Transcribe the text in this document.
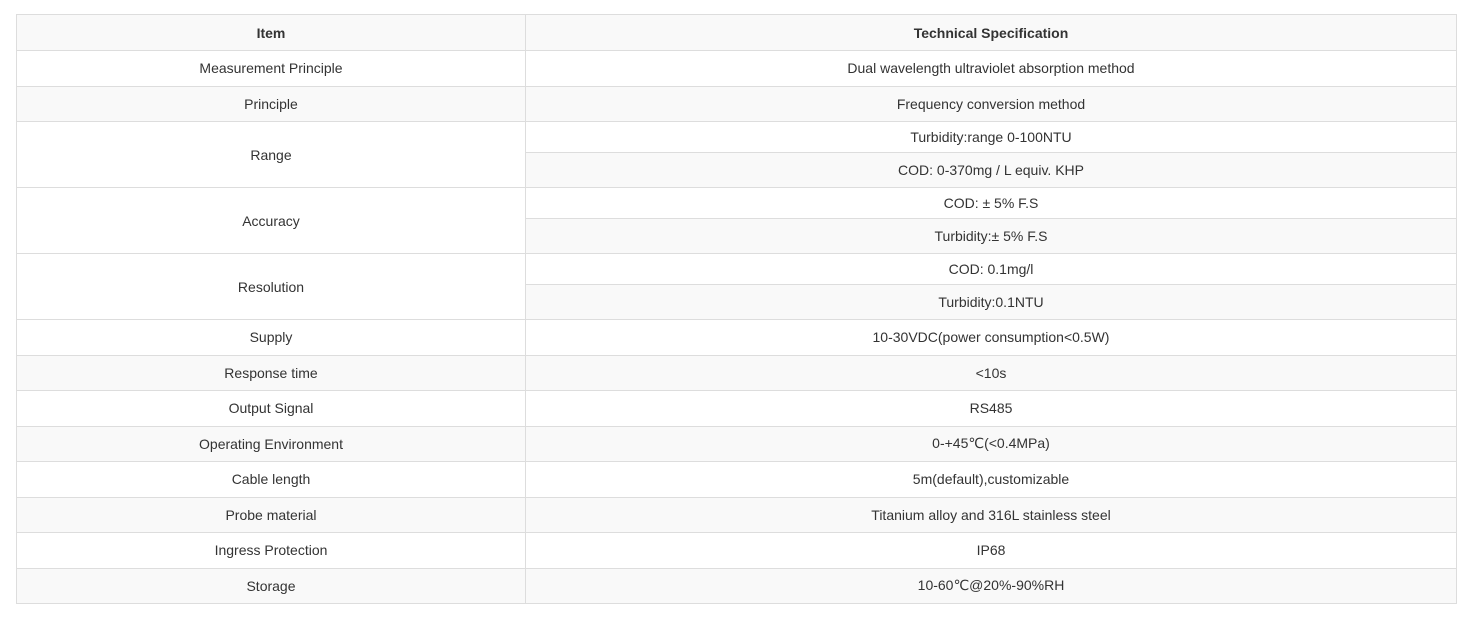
Item	Technical Specification
Measurement Principle	Dual wavelength ultraviolet absorption method
Principle	Frequency conversion method
Range	Turbidity:range 0-100NTU
	COD: 0-370mg / L equiv. KHP
Accuracy	COD: ± 5% F.S
	Turbidity:± 5% F.S
Resolution	COD: 0.1mg/l
	Turbidity:0.1NTU
Supply	10-30VDC(power consumption<0.5W)
Response time	<10s
Output Signal	RS485
Operating Environment	0-+45℃(<0.4MPa)
Cable length	5m(default),customizable
Probe material	Titanium alloy and 316L stainless steel
Ingress Protection	IP68
Storage	10-60℃@20%-90%RH
